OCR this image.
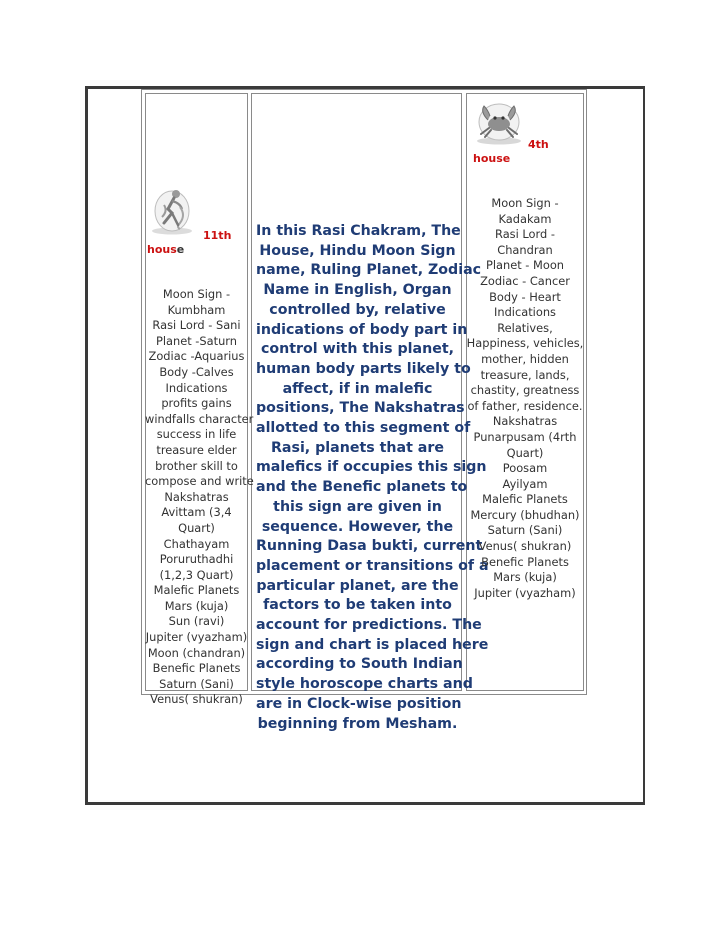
11th
house
Moon Sign -
Kumbham
Rasi Lord - Sani
Planet -Saturn
Zodiac -Aquarius
Body -Calves
Indications
profits gains
windfalls character
success in life
treasure elder
brother skill to
compose and write
Nakshatras
Avittam (3,4
Quart)
Chathayam
Poruruthadhi
(1,2,3 Quart)
Malefic Planets
Mars (kuja)
Sun (ravi)
Jupiter (vyazham)
Moon (chandran)
Benefic Planets
Saturn (Sani)
Venus( shukran)
In this Rasi Chakram, The
House, Hindu Moon Sign
name, Ruling Planet, Zodiac
Name in English, Organ
controlled by, relative
indications of body part in
control with this planet,
human body parts likely to
affect, if in malefic
positions, The Nakshatras
allotted to this segment of
Rasi, planets that are
malefics if occupies this sign
and the Benefic planets to
this sign are given in
sequence. However, the
Running Dasa bukti, current
placement or transitions of a
particular planet, are the
factors to be taken into
account for predictions. The
sign and chart is placed here
according to South Indian
style horoscope charts and
are in Clock-wise position
beginning from Mesham.
4th
house
Moon Sign -
Kadakam
Rasi Lord -
Chandran
Planet - Moon
Zodiac - Cancer
Body - Heart
Indications
Relatives,
Happiness, vehicles,
mother, hidden
treasure, lands,
chastity, greatness
of father, residence.
Nakshatras
Punarpusam (4rth
Quart)
Poosam
Ayilyam
Malefic Planets
Mercury (bhudhan)
Saturn (Sani)
Venus( shukran)
Benefic Planets
Mars (kuja)
Jupiter (vyazham)
